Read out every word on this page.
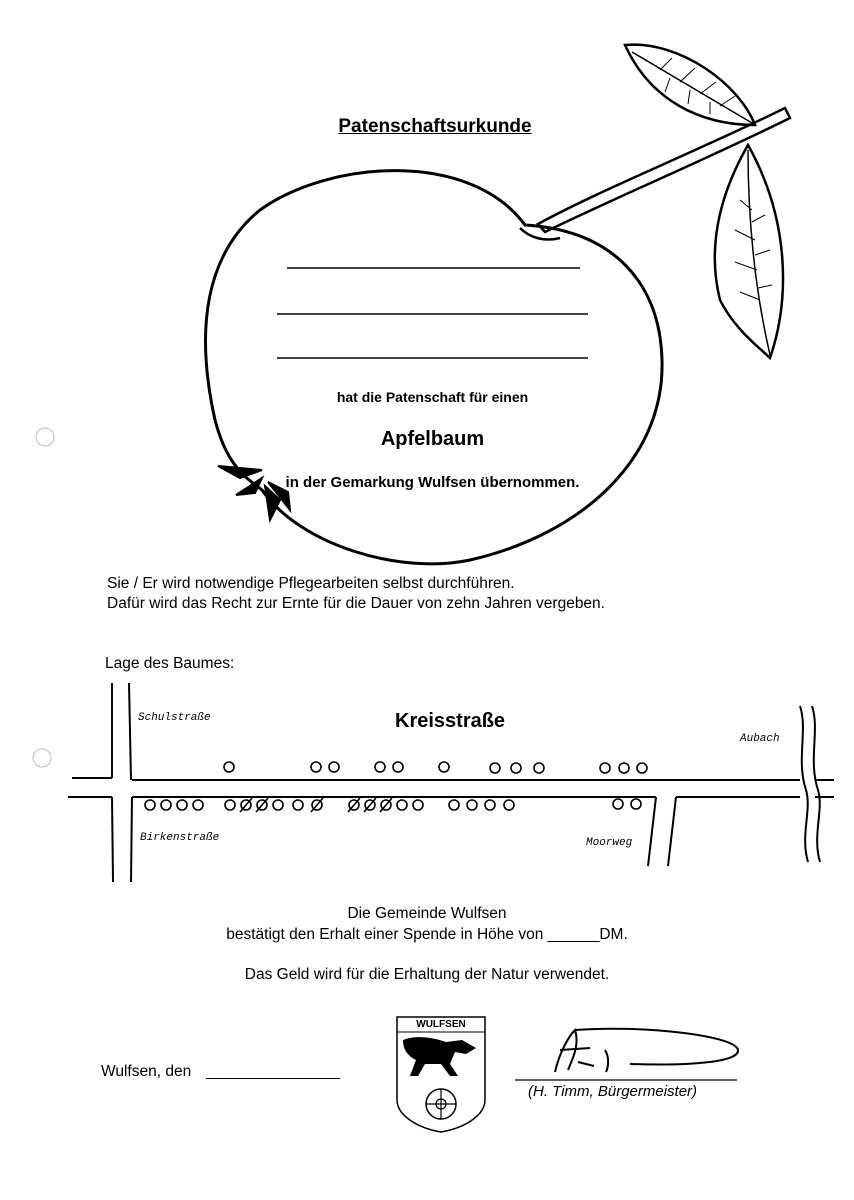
Patenschaftsurkunde
hat die Patenschaft für einen
Apfelbaum
in der Gemarkung Wulfsen übernommen.
Sie / Er wird notwendige Pflegearbeiten selbst durchführen.
Dafür wird das Recht zur Ernte für die Dauer von zehn Jahren vergeben.
Lage des Baumes:
Kreisstraße
Schulstraße
Aubach
Birkenstraße	Moorweg
Die Gemeinde Wulfsen
bestätigt den Erhalt einer Spende in Höhe von ______DM.
Das Geld wird für die Erhaltung der Natur verwendet.
Wulfsen, den
WULFSEN
(H. Timm, Bürgermeister)
